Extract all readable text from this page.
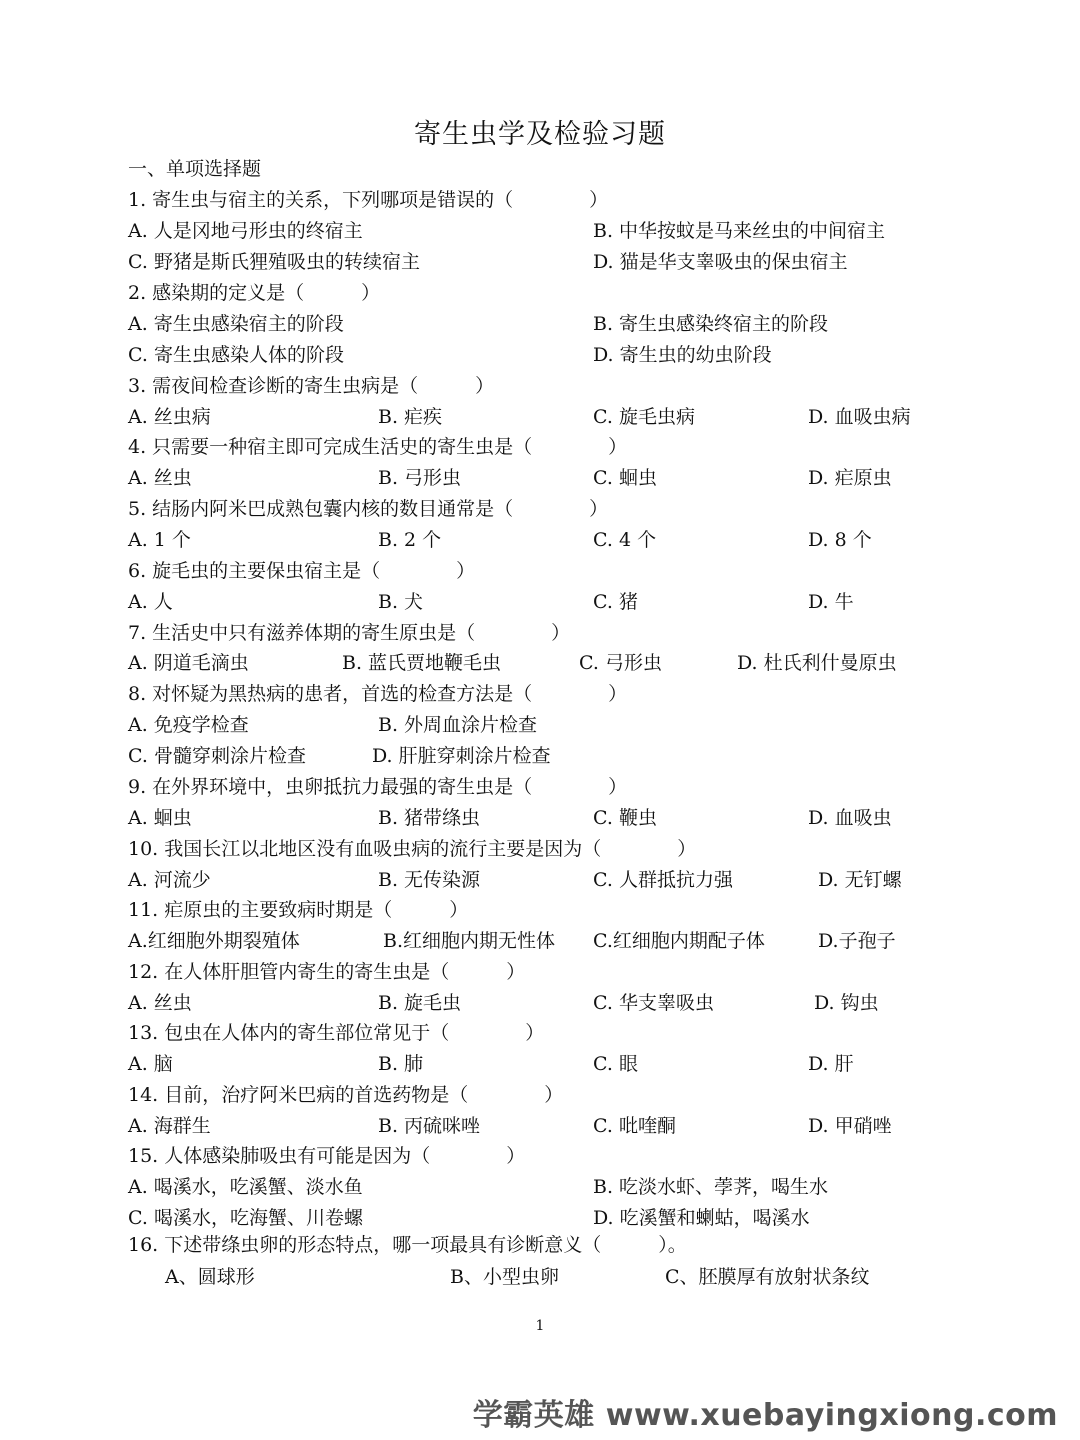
寄生虫学及检验习题
一、单项选择题
1. 寄生虫与宿主的关系，下列哪项是错误的（　　　　）
A. 人是冈地弓形虫的终宿主	B. 中华按蚊是马来丝虫的中间宿主
C. 野猪是斯氏狸殖吸虫的转续宿主	D. 猫是华支睾吸虫的保虫宿主
2. 感染期的定义是（　　　）
A. 寄生虫感染宿主的阶段	B. 寄生虫感染终宿主的阶段
C. 寄生虫感染人体的阶段	D. 寄生虫的幼虫阶段
3. 需夜间检查诊断的寄生虫病是（　　　）
A. 丝虫病	B. 疟疾	C. 旋毛虫病	D. 血吸虫病
4. 只需要一种宿主即可完成生活史的寄生虫是（　　　　）
A. 丝虫	B. 弓形虫	C. 蛔虫	D. 疟原虫
5. 结肠内阿米巴成熟包囊内核的数目通常是（　　　　）
A. 1 个	B. 2 个	C. 4 个	D. 8 个
6. 旋毛虫的主要保虫宿主是（　　　　）
A. 人	B. 犬	C. 猪	D. 牛
7. 生活史中只有滋养体期的寄生原虫是（　　　　）
A. 阴道毛滴虫	B. 蓝氏贾地鞭毛虫	C. 弓形虫	D. 杜氏利什曼原虫
8. 对怀疑为黑热病的患者，首选的检查方法是（　　　　）
A. 免疫学检查	B. 外周血涂片检查
C. 骨髓穿刺涂片检查	D. 肝脏穿刺涂片检查
9. 在外界环境中，虫卵抵抗力最强的寄生虫是（　　　　）
A. 蛔虫	B. 猪带绦虫	C. 鞭虫	D. 血吸虫
10. 我国长江以北地区没有血吸虫病的流行主要是因为（　　　　）
A. 河流少	B. 无传染源	C. 人群抵抗力强	D. 无钉螺
11. 疟原虫的主要致病时期是（　　　）
A.红细胞外期裂殖体	B.红细胞内期无性体 C.红细胞内期配子体	D.子孢子
12. 在人体肝胆管内寄生的寄生虫是（　　　）
A. 丝虫	B. 旋毛虫	C. 华支睾吸虫	D. 钩虫
13. 包虫在人体内的寄生部位常见于（　　　　）
A. 脑	B. 肺	C. 眼	D. 肝
14. 目前，治疗阿米巴病的首选药物是（　　　　）
A. 海群生	B. 丙硫咪唑	C. 吡喹酮	D. 甲硝唑
15. 人体感染肺吸虫有可能是因为（　　　　）
A. 喝溪水，吃溪蟹、淡水鱼	B. 吃淡水虾、荸荠，喝生水
C. 喝溪水，吃海蟹、川卷螺	D. 吃溪蟹和蝲蛄，喝溪水
16. 下述带绦虫卵的形态特点，哪一项最具有诊断意义（　　　）。
A、圆球形	B、小型虫卵	C、胚膜厚有放射状条纹
1
学霸英雄 www.xuebayingxiong.com
